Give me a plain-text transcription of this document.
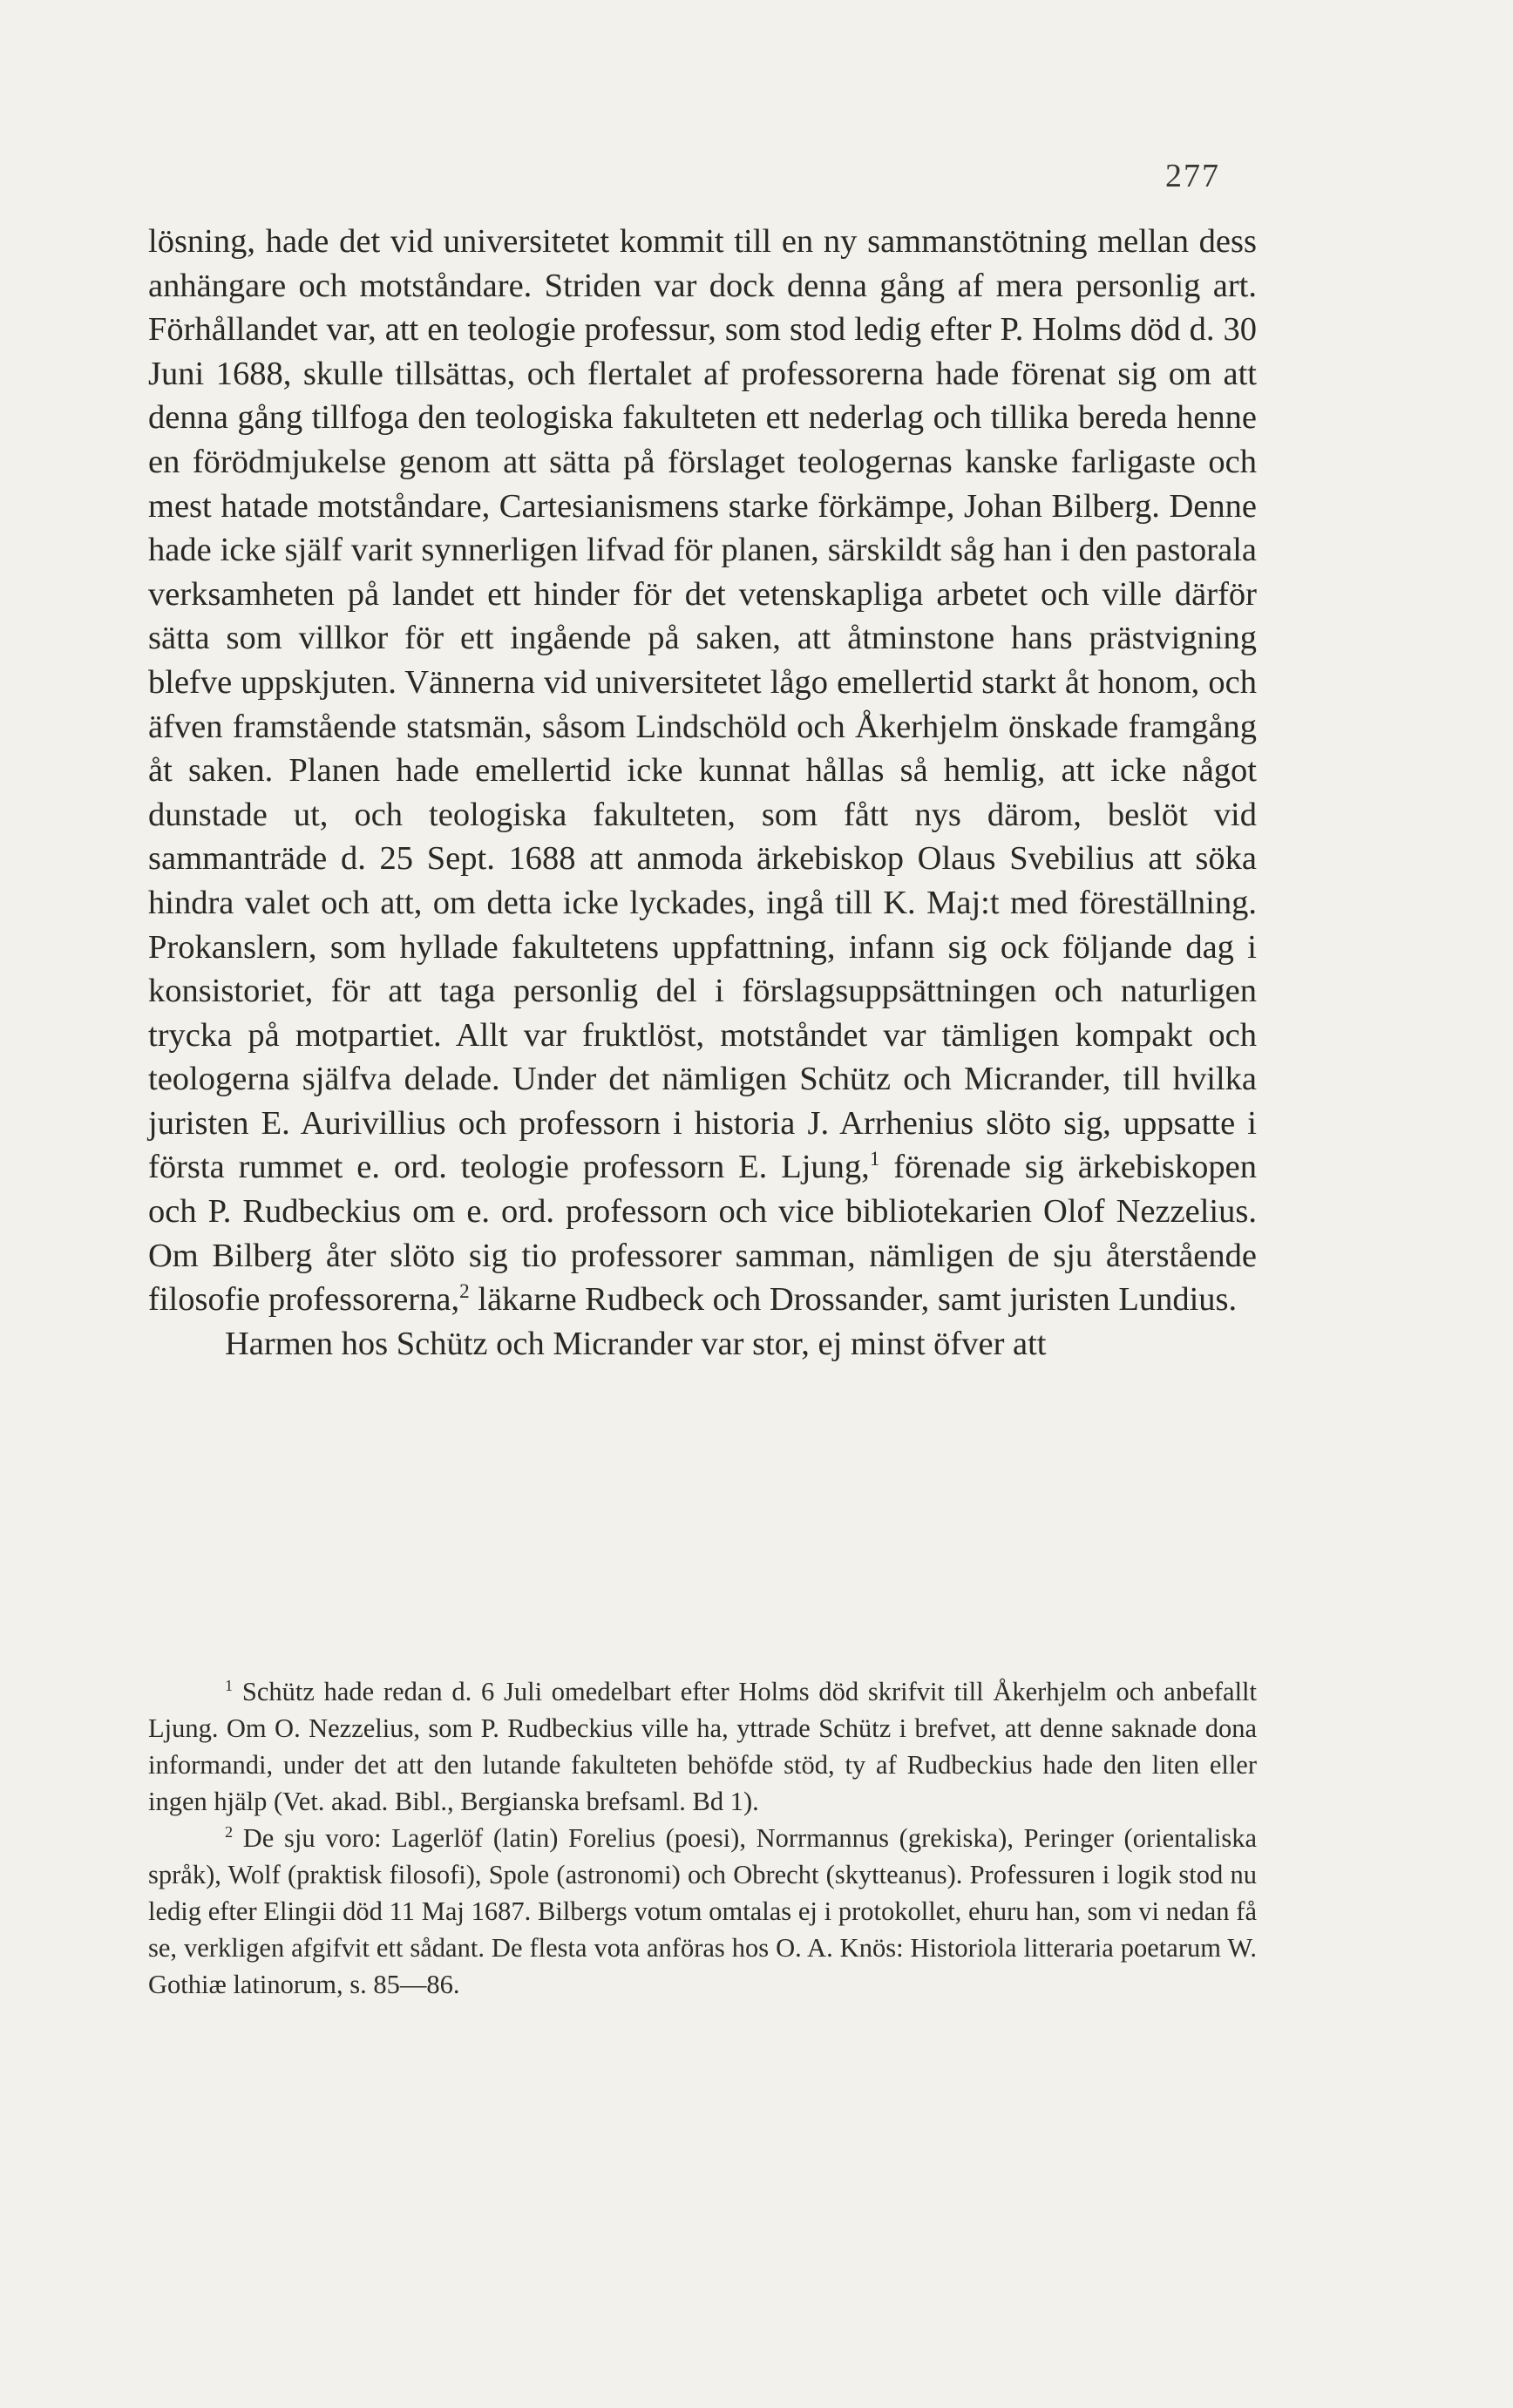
277

lösning, hade det vid universitetet kommit till en ny sammanstötning mellan dess anhängare och motståndare. Striden var dock denna gång af mera personlig art. Förhållandet var, att en teologie professur, som stod ledig efter P. Holms död d. 30 Juni 1688, skulle tillsättas, och flertalet af professorerna hade förenat sig om att denna gång tillfoga den teologiska fakulteten ett nederlag och tillika bereda henne en förödmjukelse genom att sätta på förslaget teologernas kanske farligaste och mest hatade motståndare, Cartesianismens starke förkämpe, Johan Bilberg. Denne hade icke själf varit synnerligen lifvad för planen, särskildt såg han i den pastorala verksamheten på landet ett hinder för det vetenskapliga arbetet och ville därför sätta som villkor för ett ingående på saken, att åtminstone hans prästvigning blefve uppskjuten. Vännerna vid universitetet lågo emellertid starkt åt honom, och äfven framstående statsmän, såsom Lindschöld och Åkerhjelm önskade framgång åt saken. Planen hade emellertid icke kunnat hållas så hemlig, att icke något dunstade ut, och teologiska fakulteten, som fått nys därom, beslöt vid sammanträde d. 25 Sept. 1688 att anmoda ärkebiskop Olaus Svebilius att söka hindra valet och att, om detta icke lyckades, ingå till K. Maj:t med föreställning. Prokanslern, som hyllade fakultetens uppfattning, infann sig ock följande dag i konsistoriet, för att taga personlig del i förslagsuppsättningen och naturligen trycka på motpartiet. Allt var fruktlöst, motståndet var tämligen kompakt och teologerna själfva delade. Under det nämligen Schütz och Micrander, till hvilka juristen E. Aurivillius och professorn i historia J. Arrhenius slöto sig, uppsatte i första rummet e. ord. teologie professorn E. Ljung,$^1$ förenade sig ärkebiskopen och P. Rudbeckius om e. ord. professorn och vice bibliotekarien Olof Nezzelius. Om Bilberg åter slöto sig tio professorer samman, nämligen de sju återstående filosofie professorerna,$^2$ läkarne Rudbeck och Drossander, samt juristen Lundius.

Harmen hos Schütz och Micrander var stor, ej minst öfver att

$^1$ Schütz hade redan d. 6 Juli omedelbart efter Holms död skrifvit till Åkerhjelm och anbefallt Ljung. Om O. Nezzelius, som P. Rudbeckius ville ha, yttrade Schütz i brefvet, att denne saknade dona informandi, under det att den lutande fakulteten behöfde stöd, ty af Rudbeckius hade den liten eller ingen hjälp (Vet. akad. Bibl., Bergianska brefsaml. Bd 1).

$^2$ De sju voro: Lagerlöf (latin) Forelius (poesi), Norrmannus (grekiska), Peringer (orientaliska språk), Wolf (praktisk filosofi), Spole (astronomi) och Obrecht (skytteanus). Professuren i logik stod nu ledig efter Elingii död 11 Maj 1687. Bilbergs votum omtalas ej i protokollet, ehuru han, som vi nedan få se, verkligen afgifvit ett sådant. De flesta vota anföras hos O. A. Knös: Historiola litteraria poetarum W. Gothiæ latinorum, s. 85—86.
